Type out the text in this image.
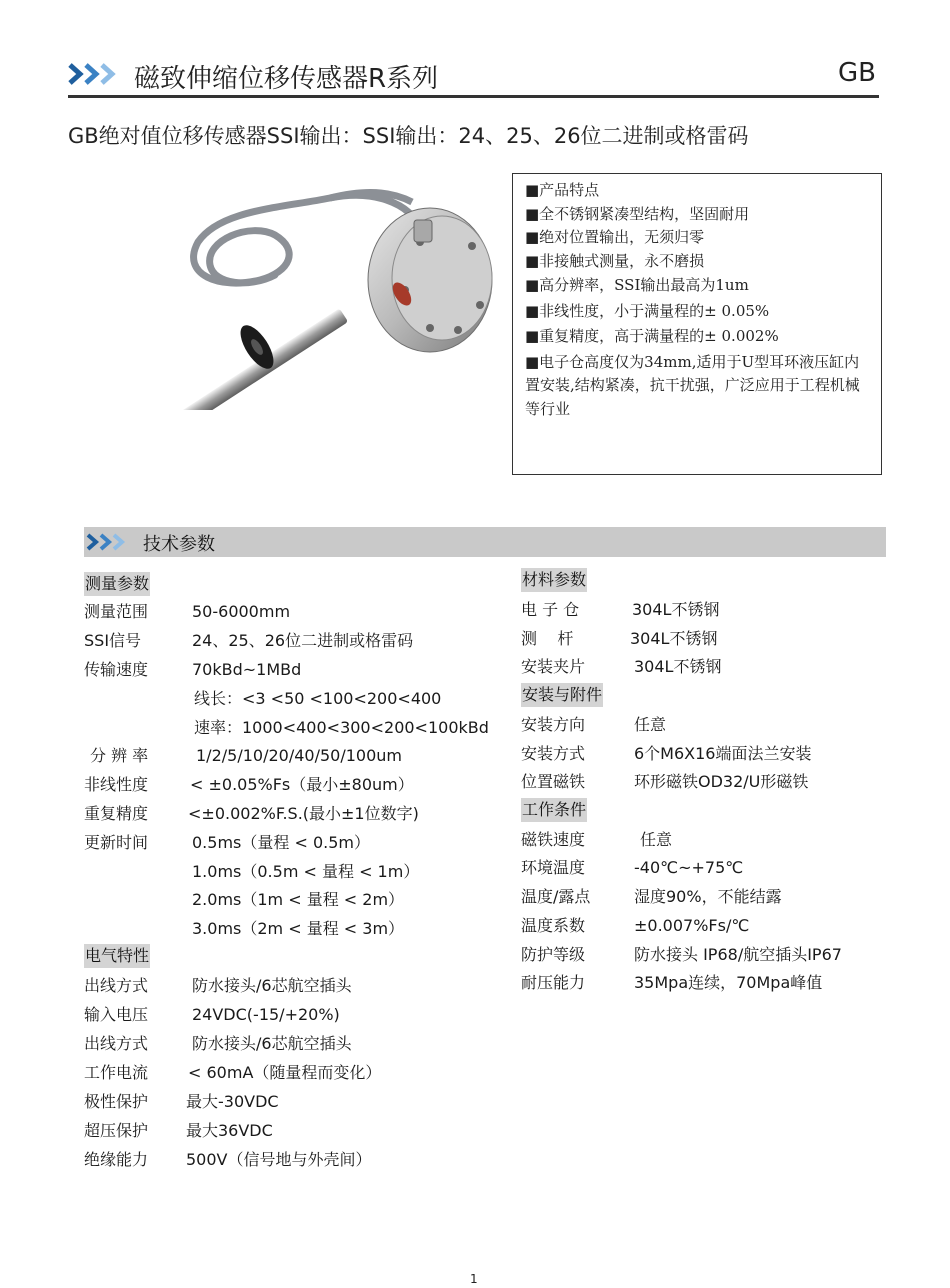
磁致伸缩位移传感器R系列	GB
GB绝对值位移传感器SSI输出：SSI输出：24、25、26位二进制或格雷码
■产品特点
■全不锈钢紧凑型结构，坚固耐用
■绝对位置输出，无须归零
■非接触式测量，永不磨损
■高分辨率，SSI输出最高为1um
■非线性度，小于满量程的± 0.05%
■重复精度，高于满量程的± 0.002%
■电子仓高度仅为34mm,适用于U型耳环液压缸内置安装,结构紧凑，抗干扰强，广泛应用于工程机械等行业
技术参数
测量参数
测量范围	50-6000mm
SSI信号	24、25、26位二进制或格雷码
传输速度	70kBd~1MBd
线长：<3 <50 <100<200<400
速率：1000<400<300<200<100kBd
分 辨 率	1/2/5/10/20/40/50/100um
非线性度	< ±0.05%Fs（最小±80um）
重复精度 <±0.002%F.S.(最小±1位数字)
更新时间	0.5ms（量程 < 0.5m）
1.0ms（0.5m < 量程 < 1m）
2.0ms（1m < 量程 < 2m）
3.0ms（2m < 量程 < 3m）
电气特性
出线方式	防水接头/6芯航空插头
输入电压	24VDC(-15/+20%)
出线方式	防水接头/6芯航空插头
工作电流 < 60mA（随量程而变化）
极性保护 最大-30VDC
超压保护 最大36VDC
绝缘能力 500V（信号地与外壳间）
材料参数
电 子 仓	304L不锈钢
测    杆	304L不锈钢
安装夹片	304L不锈钢
安装与附件
安装方向	任意
安装方式	6个M6X16端面法兰安装
位置磁铁	环形磁铁OD32/U形磁铁
工作条件
磁铁速度	任意
环境温度	-40℃~+75℃
温度/露点	湿度90%，不能结露
温度系数	±0.007%Fs/℃
防护等级	防水接头 IP68/航空插头IP67
耐压能力	35Mpa连续，70Mpa峰值
1
